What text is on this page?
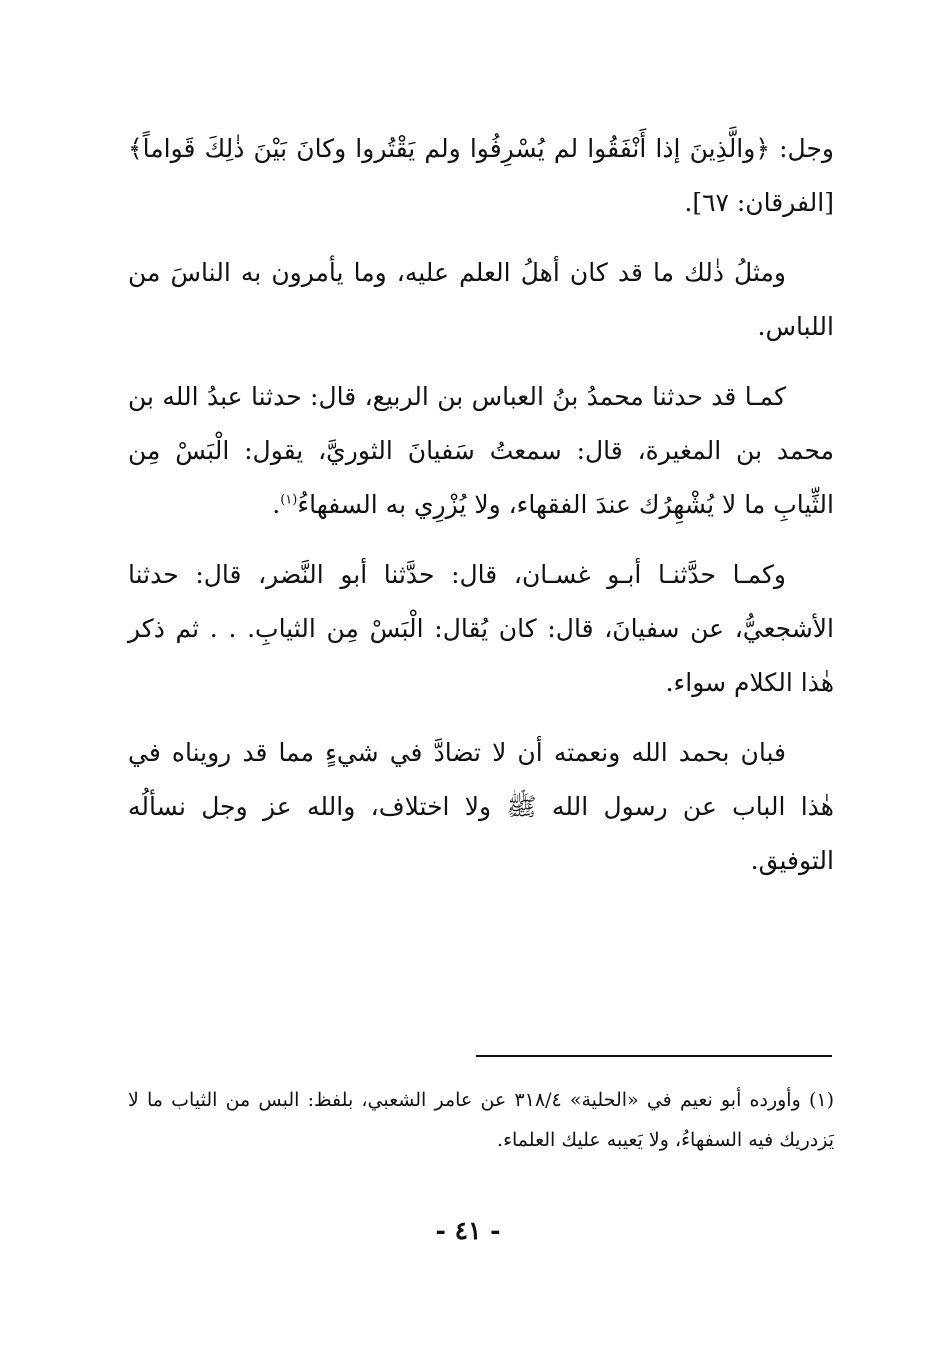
وجل: ﴿والَّذِينَ إذا أَنْفَقُوا لم يُسْرِفُوا ولم يَقْتُروا وكانَ بَيْنَ ذٰلِكَ قَواماً﴾ [الفرقان: ٦٧].

ومثلُ ذٰلك ما قد كان أهلُ العلم عليه، وما يأمرون به الناسَ من اللباس.

كمـا قد حدثنا محمدُ بنُ العباس بن الربيع، قال: حدثنا عبدُ الله بن محمد بن المغيرة، قال: سمعتُ سَفيانَ الثوريَّ، يقول: الْبَسْ مِن الثِّيابِ ما لا يُشْهِرُك عندَ الفقهاء، ولا يُزْرِي به السفهاءُ$^{(١)}$.

وكمـا حدَّثنـا أبـو غسـان، قال: حدَّثنا أبو النَّضر، قال: حدثنا الأشجعيُّ، عن سفيانَ، قال: كان يُقال: الْبَسْ مِن الثيابِ. . . ثم ذكر هٰذا الكلام سواء.

فبان بحمد الله ونعمته أن لا تضادَّ في شيءٍ مما قد رويناه في هٰذا الباب عن رسول الله ﷺ ولا اختلاف، والله عز وجل نسألُه التوفيق.

(١) وأورده أبو نعيم في «الحلية» ٣١٨/٤ عن عامر الشعبي، بلفظ: البس من الثياب ما لا يَزدريك فيه السفهاءُ، ولا يَعيبه عليك العلماء.

- ٤١ -
